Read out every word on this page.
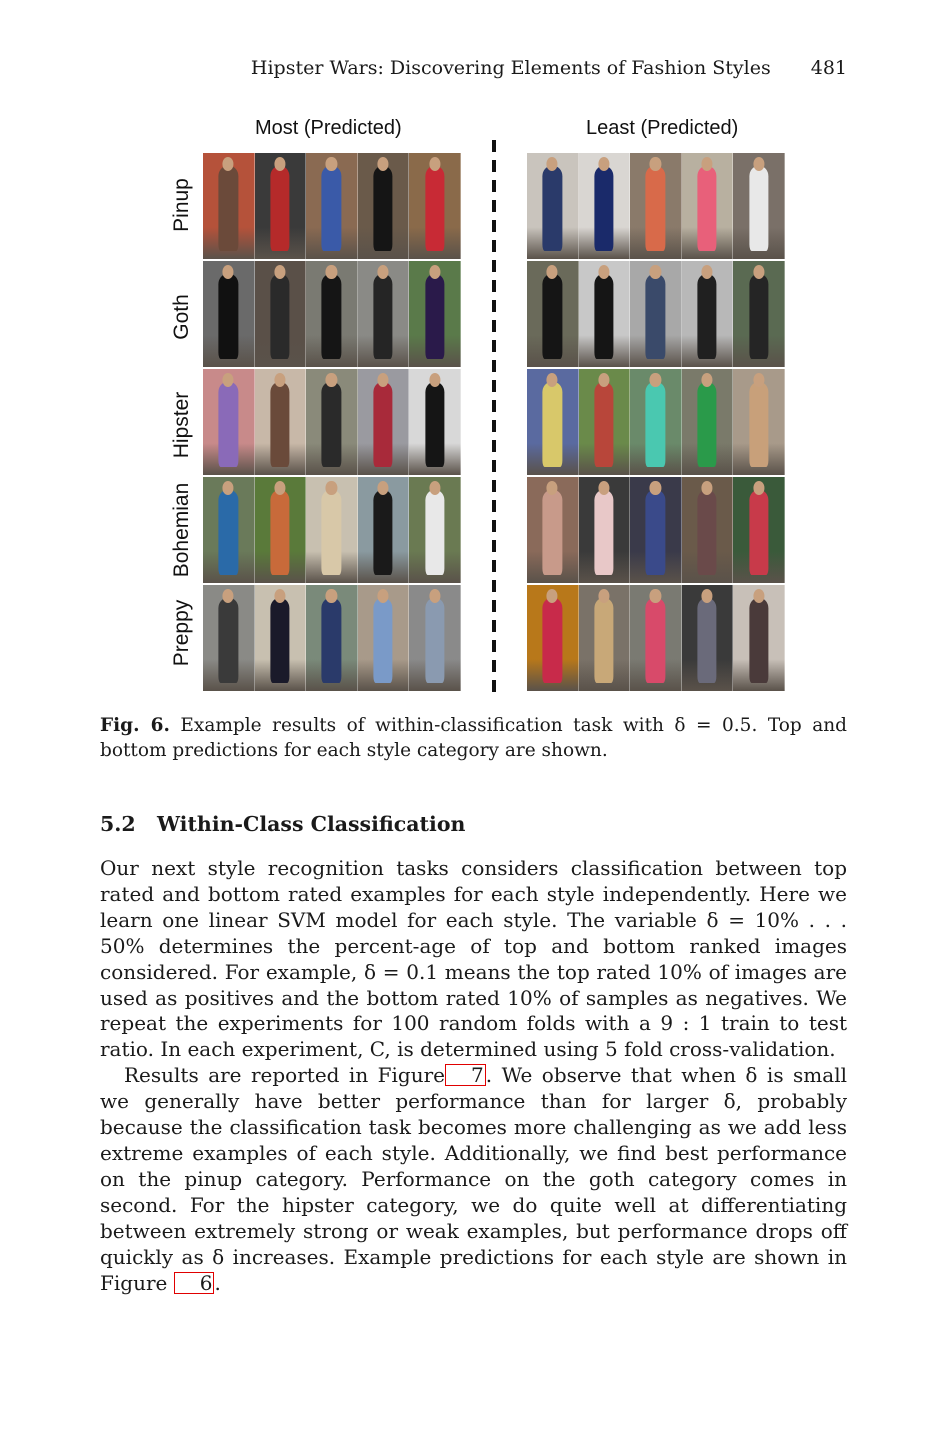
Hipster Wars: Discovering Elements of Fashion Styles 481
Most (Predicted)	Least (Predicted)
Pinup
Goth
Hipster
Bohemian
Preppy
Fig. 6. Example results of within-classification task with δ = 0.5. Top and bottom predictions for each style category are shown.
5.2 Within-Class Classification

Our next style recognition tasks considers classification between top rated and bottom rated examples for each style independently. Here we learn one linear SVM model for each style. The variable δ = 10% . . . 50% determines the percent-age of top and bottom ranked images considered. For example, δ = 0.1 means the top rated 10% of images are used as positives and the bottom rated 10% of samples as negatives. We repeat the experiments for 100 random folds with a 9 : 1 train to test ratio. In each experiment, C, is determined using 5 fold cross-validation.

Results are reported in Figure 7 . We observe that when δ is small we generally have better performance than for larger δ, probably because the classification task becomes more challenging as we add less extreme examples of each style. Additionally, we find best performance on the pinup category. Performance on the goth category comes in second. For the hipster category, we do quite well at differentiating between extremely strong or weak examples, but performance drops off quickly as δ increases. Example predictions for each style are shown in Figure 6 .
